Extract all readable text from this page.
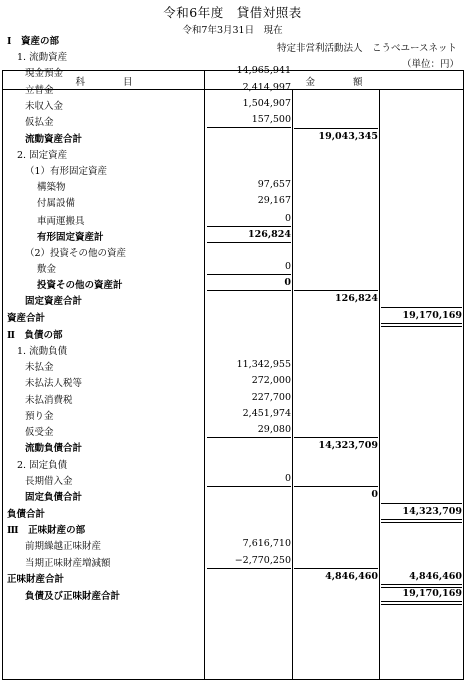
令和6年度　貸借対照表
令和7年3月31日　現在
特定非営利活動法人　こうべユースネット
（単位：円）
科　　　　目	金　　　　額
Ⅰ　資産の部
1. 流動資産
現金預金	14,965,941
立替金	2,414,997
未収入金	1,504,907
仮払金	157,500
流動資産合計	19,043,345
2. 固定資産
（1）有形固定資産
構築物	97,657
付属設備	29,167
車両運搬具	0
有形固定資産計	126,824
（2）投資その他の資産
敷金	0
投資その他の資産計	0
固定資産合計	126,824
資産合計	19,170,169
Ⅱ　負債の部
1. 流動負債
未払金	11,342,955
未払法人税等	272,000
未払消費税	227,700
預り金	2,451,974
仮受金	29,080
流動負債合計	14,323,709
2. 固定負債
長期借入金	0
固定負債合計	0
負債合計	14,323,709
Ⅲ　正味財産の部
前期繰越正味財産	7,616,710
当期正味財産増減額	−2,770,250
正味財産合計	4,846,460	4,846,460
負債及び正味財産合計	19,170,169
